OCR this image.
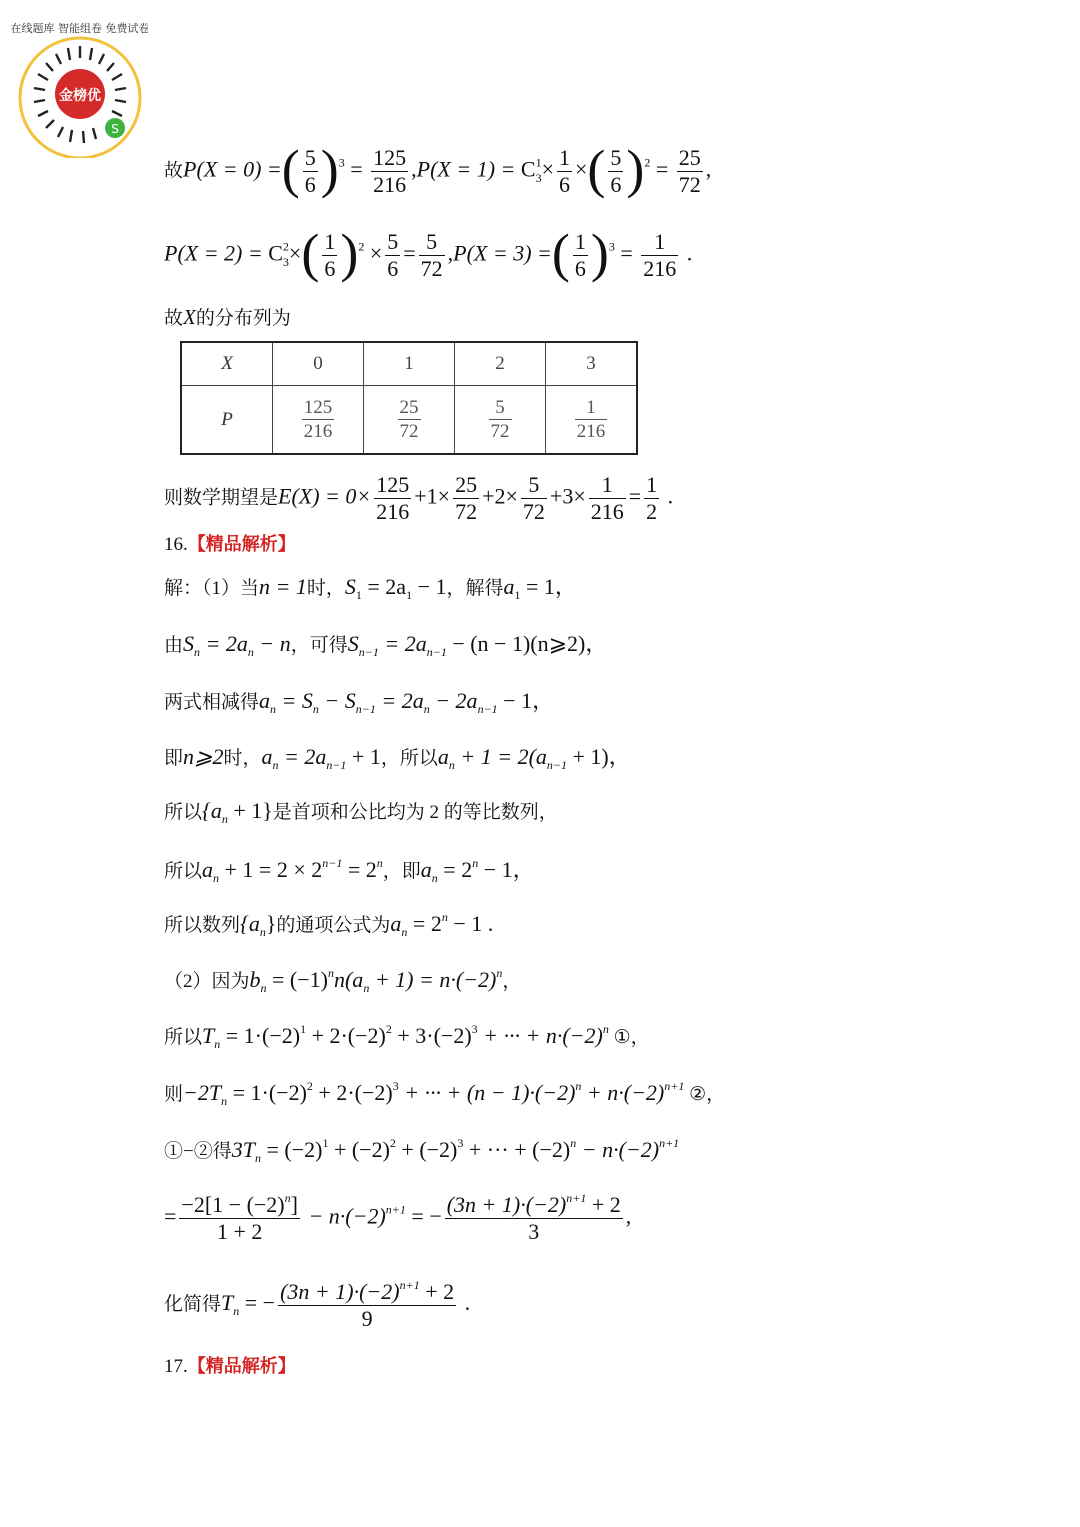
金榜优
S
在线题库 智能组卷 免费试卷
故P(X = 0) =( $\frac{5}{6} )^3 = \frac{125}{216} ,P(X = 1) = C^1_3\times \frac{1}{6}$ ×( $\frac{5}{6} )^2 = \frac{25}{72}$ ,
$P(X = 2) = C^2_3\times( \frac{1}{6} )^2 \times \frac{5}{6} = \frac{5}{72} ,P(X = 3)$ =( $\frac{1}{6} )^3 = \frac{1}{216}$ .
故X的分布列为
X	0	1	2	3
P	$\frac{125}{216}$	$\frac{25}{72}$	$\frac{5}{72}$	$\frac{1}{216}$
则数学期望是$E(X) = 0\times \frac{125}{216} +1\times \frac{25}{72} +2\times \frac{5}{72} +3\times \frac{1}{216} = \frac{1}{2}$ .
16.【精品解析】
解：（1）当n = 1时，$S_1 = 2a_1 - 1$，解得$a_1 = 1$，
由$S_n = 2a_n - n$，可得$S_{n-1} = 2a_{n-1} - (n$ − 1)(n⩾2)，
两式相减得$a_n = S_n - S_{n-1} = 2a_n - 2a_{n-1} - 1$，
即n⩾2时，$a_n = 2a_{n-1} + 1$，所以$a_n + 1 = 2(a_{n-1} + 1)$，
所以$\{a_n + 1\}$是首项和公比均为 2 的等比数列，
所以$a_n + 1 = 2 \times 2^{n-1} = 2^n$，即$a_n = 2^n - 1$，
所以数列$\{a_n\}$的通项公式为$a_n = 2^n - 1$ .
（2）因为$b_n = (-1)^nn(a_n + 1) = n\cdot(-2)^n$，
所以$T_n = 1\cdot(-2)^1 + 2\cdot(-2)^2 + 3\cdot(-2)^3$ + ··· + $n\cdot(-2)^n$ ①，
则$-2T_n = 1\cdot(-2)^2 + 2\cdot(-2)^3$ + ··· + $(n - 1)\cdot(-2)^n + n\cdot(-2)^{n+1}$ ②，
①−②得$3T_n = (-2)^1 + (-2)^2 + (-2)^3$ + ··· + $(-2)^n - n\cdot(-2)^{n+1}$
= $\frac{-2[1 - (-2)^n]}{1 + 2} - n\cdot(-2)^{n+1}$ = − $\frac{(3n + 1)\cdot(-2)^{n+1} + 2}{3}$ ,
化简得$T_n$ = − $\frac{(3n + 1)\cdot(-2)^{n+1} + 2}{9}$ .
17.【精品解析】
